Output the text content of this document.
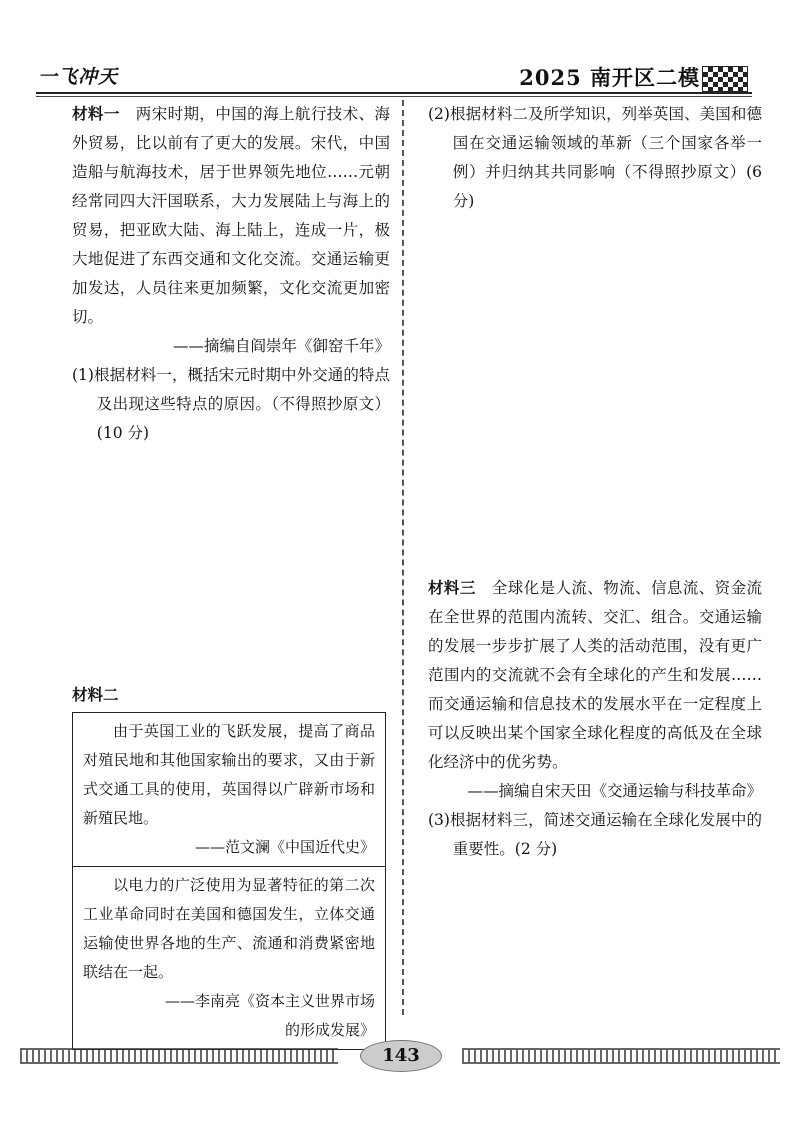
一飞冲天	2025 南开区二模

材料一 两宋时期，中国的海上航行技术、海外贸易，比以前有了更大的发展。宋代，中国造船与航海技术，居于世界领先地位……元朝经常同四大汗国联系，大力发展陆上与海上的贸易，把亚欧大陆、海上陆上，连成一片，极大地促进了东西交通和文化交流。交通运输更加发达，人员往来更加频繁，文化交流更加密切。

——摘编自阎崇年《御窑千年》

(1)根据材料一，概括宋元时期中外交通的特点及出现这些特点的原因。（不得照抄原文）(10 分)

材料二

由于英国工业的飞跃发展，提高了商品对殖民地和其他国家输出的要求，又由于新式交通工具的使用，英国得以广辟新市场和新殖民地。

——范文澜《中国近代史》

以电力的广泛使用为显著特征的第二次工业革命同时在美国和德国发生，立体交通运输使世界各地的生产、流通和消费紧密地联结在一起。

——李南亮《资本主义世界市场

的形成发展》

(2)根据材料二及所学知识，列举英国、美国和德国在交通运输领域的革新（三个国家各举一例）并归纳其共同影响（不得照抄原文）(6 分)

材料三 全球化是人流、物流、信息流、资金流在全世界的范围内流转、交汇、组合。交通运输的发展一步步扩展了人类的活动范围，没有更广范围内的交流就不会有全球化的产生和发展……而交通运输和信息技术的发展水平在一定程度上可以反映出某个国家全球化程度的高低及在全球化经济中的优劣势。

——摘编自宋天田《交通运输与科技革命》

(3)根据材料三，简述交通运输在全球化发展中的重要性。(2 分)

143
